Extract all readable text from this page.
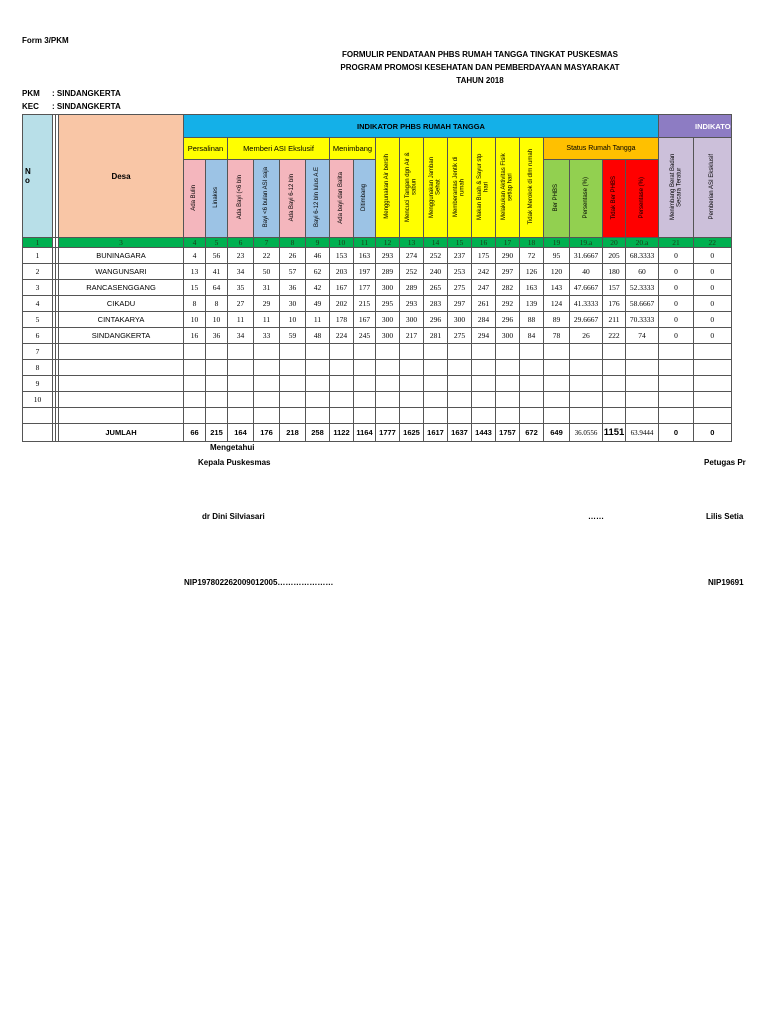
Form 3/PKM
FORMULIR PENDATAAN PHBS RUMAH TANGGA TINGKAT PUSKESMAS
PROGRAM PROMOSI KESEHATAN DAN PEMBERDAYAAN MASYARAKAT
TAHUN 2018
PKM : SINDANGKERTA
KEC : SINDANGKERTA
N
o			Desa	INDIKATOR PHBS RUMAH TANGGA																			INDIKATO	
				Persalinan		Memberi ASI Ekslusif				Menimbang		Menggunakan Air bersih	Mencuci Tangan dgn Air & sabun	Menggunakan Jamban Sehat	Memberantas Jentik di rumah	Makan Buah & Sayur stp hari	Melakukan Aktivitas Fisik setiap hari	Tidak Merokok di dlm rumah	Status Rumah Tangga				Menimbang Berat Badan Secara Teratur	Pemberian ASI Eksklusif
				Ada Bulin	Linakes	Ada Bayi (<6 bln	Bayi <6 bulan ASI saja	Ada Bayi 6-12 bln	Bayi 6-12 bln lulus A.E	Ada bayi dan Balita	Ditimbang								Ber PHBS	Persentase (%)	Tidak Ber PHBS	Persentase (%)		
1			3	4	5	6	7	8	9	10	11	12	13	14	15	16	17	18	19	19.a	20	20.a	21	22
1			BUNINAGARA	4	56	23	22	26	46	153	163	293	274	252	237	175	290	72	95	31.6667	205	68.3333	0	0
2			WANGUNSARI	13	41	34	50	57	62	203	197	289	252	240	253	242	297	126	120	40	180	60	0	0
3			RANCASENGGANG	15	64	35	31	36	42	167	177	300	289	265	275	247	282	163	143	47.6667	157	52.3333	0	0
4			CIKADU	8	8	27	29	30	49	202	215	295	293	283	297	261	292	139	124	41.3333	176	58.6667	0	0
5			CINTAKARYA	10	10	11	11	10	11	178	167	300	300	296	300	284	296	88	89	29.6667	211	70.3333	0	0
6			SINDANGKERTA	16	36	34	33	59	48	224	245	300	217	281	275	294	300	84	78	26	222	74	0	0
7																								
8																								
9																								
10																								

			JUMLAH	66	215	164	176	218	258	1122	1164	1777	1625	1617	1637	1443	1757	672	649	36.0556	1151	63.9444	0	0
Mengetahui
Kepala Puskesmas	Petugas Pr
dr Dini Silviasari	……	Lilis Setia
NIP197802262009012005…………………	NIP19691
